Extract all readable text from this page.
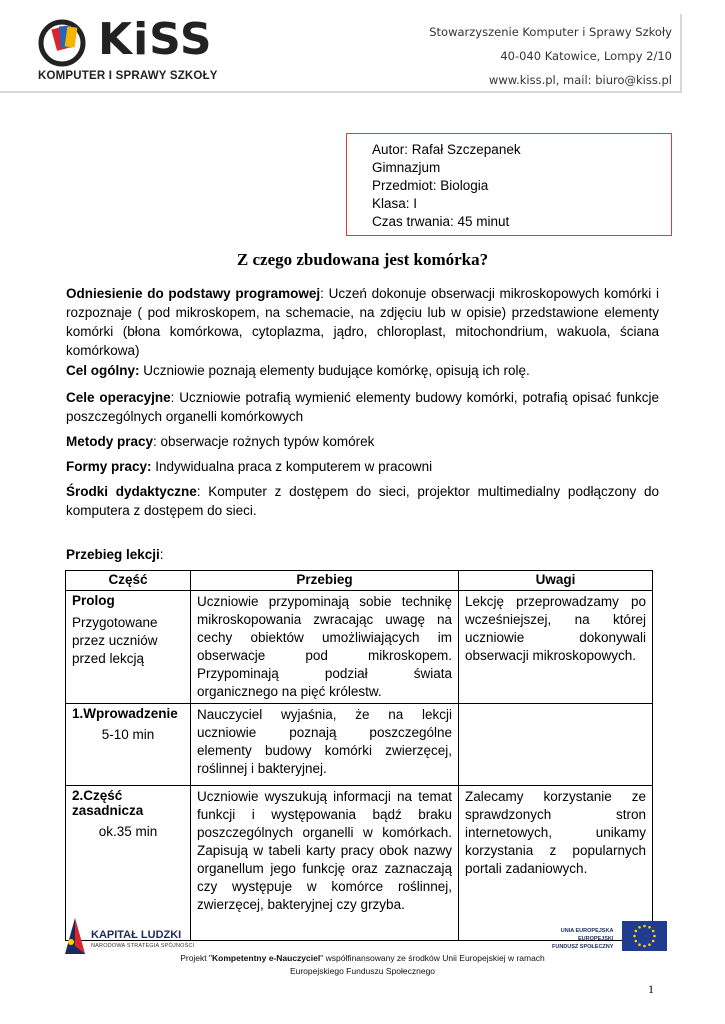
KiSS
KOMPUTER I SPRAWY SZKOŁY
Stowarzyszenie Komputer i Sprawy Szkoły
40-040 Katowice, Lompy 2/10
www.kiss.pl, mail: biuro@kiss.pl
Autor: Rafał Szczepanek
Gimnazjum
Przedmiot: Biologia
Klasa: I
Czas trwania: 45 minut
Z czego zbudowana jest komórka?
Odniesienie do podstawy programowej: Uczeń dokonuje obserwacji mikroskopowych komórki i rozpoznaje ( pod mikroskopem, na schemacie, na zdjęciu lub w opisie) przedstawione elementy komórki (błona komórkowa, cytoplazma, jądro, chloroplast, mitochondrium, wakuola, ściana komórkowa)
Cel ogólny: Uczniowie poznają elementy budujące komórkę, opisują ich rolę.
Cele operacyjne: Uczniowie potrafią wymienić elementy budowy komórki, potrafią opisać funkcje poszczególnych organelli komórkowych
Metody pracy: obserwacje rożnych typów komórek
Formy pracy: Indywidualna praca z komputerem w pracowni
Środki dydaktyczne: Komputer z dostępem do sieci, projektor multimedialny podłączony do komputera z dostępem do sieci.
Przebieg lekcji:
Część	Przebieg	Uwagi

Prolog
Przygotowane przez uczniów przed lekcją	Uczniowie przypominają sobie technikę mikroskopowania zwracając uwagę na cechy obiektów umożliwiających im obserwacje pod mikroskopem. Przypominają podział świata organicznego na pięć królestw.	Lekcję przeprowadzamy po wcześniejszej, na której uczniowie dokonywali obserwacji mikroskopowych.

1.Wprowadzenie
5-10 min	Nauczyciel wyjaśnia, że na lekcji uczniowie poznają poszczególne elementy budowy komórki zwierzęcej, roślinnej i bakteryjnej.	

2.Część zasadnicza
ok.35 min	Uczniowie wyszukują informacji na temat funkcji i występowania bądź braku poszczególnych organelli w komórkach. Zapisują w tabeli karty pracy obok nazwy organellum jego funkcję oraz zaznaczają czy występuje w komórce roślinnej, zwierzęcej, bakteryjnej czy grzyba.	Zalecamy korzystanie ze sprawdzonych stron internetowych, unikamy korzystania z popularnych portali zadaniowych.
KAPITAŁ LUDZKI
NARODOWA STRATEGIA SPÓJNOŚCI
UNIA EUROPEJSKA
EUROPEJSKI
FUNDUSZ SPOŁECZNY
Projekt "Kompetentny e-Nauczyciel" współfinansowany ze środków Unii Europejskiej w ramach
Europejskiego Funduszu Społecznego
1
